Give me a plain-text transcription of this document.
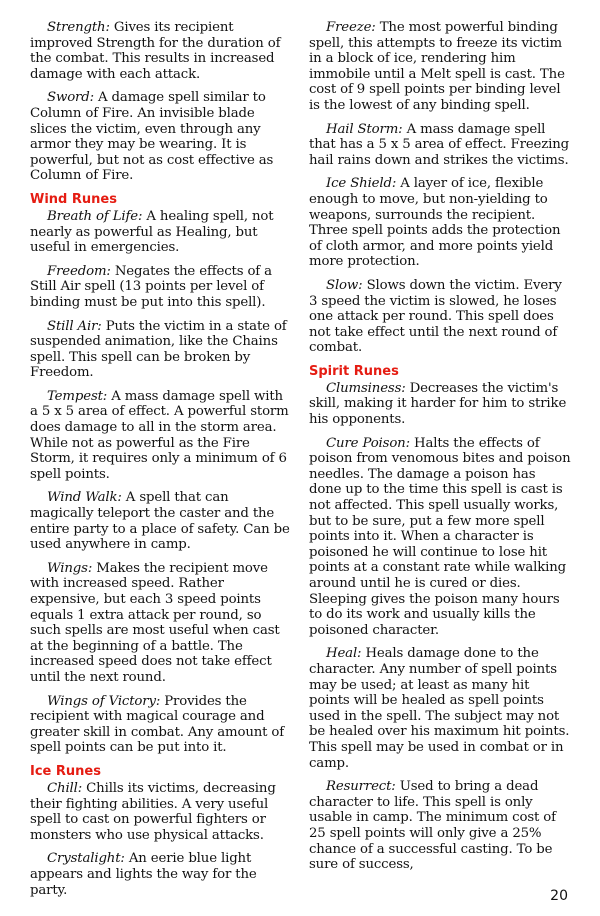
Strength: Gives its recipient improved Strength for the duration of the combat. This results in increased damage with each attack.

Sword: A damage spell similar to Column of Fire. An invisible blade slices the victim, even through any armor they may be wearing. It is powerful, but not as cost effective as Column of Fire.

Wind Runes

Breath of Life: A healing spell, not nearly as powerful as Healing, but useful in emergencies.

Freedom: Negates the effects of a Still Air spell (13 points per level of binding must be put into this spell).

Still Air: Puts the victim in a state of suspended animation, like the Chains spell. This spell can be broken by Freedom.

Tempest: A mass damage spell with a 5 x 5 area of effect. A powerful storm does damage to all in the storm area. While not as powerful as the Fire Storm, it requires only a minimum of 6 spell points.

Wind Walk: A spell that can magically teleport the caster and the entire party to a place of safety. Can be used anywhere in camp.

Wings: Makes the recipient move with increased speed. Rather expensive, but each 3 speed points equals 1 extra attack per round, so such spells are most useful when cast at the beginning of a battle. The increased speed does not take effect until the next round.

Wings of Victory: Provides the recipient with magical courage and greater skill in combat. Any amount of spell points can be put into it.

Ice Runes

Chill: Chills its victims, decreasing their fighting abilities. A very useful spell to cast on powerful fighters or monsters who use physical attacks.

Crystalight: An eerie blue light appears and lights the way for the party.

Freeze: The most powerful binding spell, this attempts to freeze its victim in a block of ice, rendering him immobile until a Melt spell is cast. The cost of 9 spell points per binding level is the lowest of any binding spell.

Hail Storm: A mass damage spell that has a 5 x 5 area of effect. Freezing hail rains down and strikes the victims.

Ice Shield: A layer of ice, flexible enough to move, but non-yielding to weapons, surrounds the recipient. Three spell points adds the protection of cloth armor, and more points yield more protection.

Slow: Slows down the victim. Every 3 speed the victim is slowed, he loses one attack per round. This spell does not take effect until the next round of combat.

Spirit Runes

Clumsiness: Decreases the victim's skill, making it harder for him to strike his opponents.

Cure Poison: Halts the effects of poison from venomous bites and poison needles. The damage a poison has done up to the time this spell is cast is not affected. This spell usually works, but to be sure, put a few more spell points into it. When a character is poisoned he will continue to lose hit points at a constant rate while walking around until he is cured or dies. Sleeping gives the poison many hours to do its work and usually kills the poisoned character.

Heal: Heals damage done to the character. Any number of spell points may be used; at least as many hit points will be healed as spell points used in the spell. The subject may not be healed over his maximum hit points. This spell may be used in combat or in camp.

Resurrect: Used to bring a dead character to life. This spell is only usable in camp. The minimum cost of 25 spell points will only give a 25% chance of a successful casting. To be sure of success,

20
